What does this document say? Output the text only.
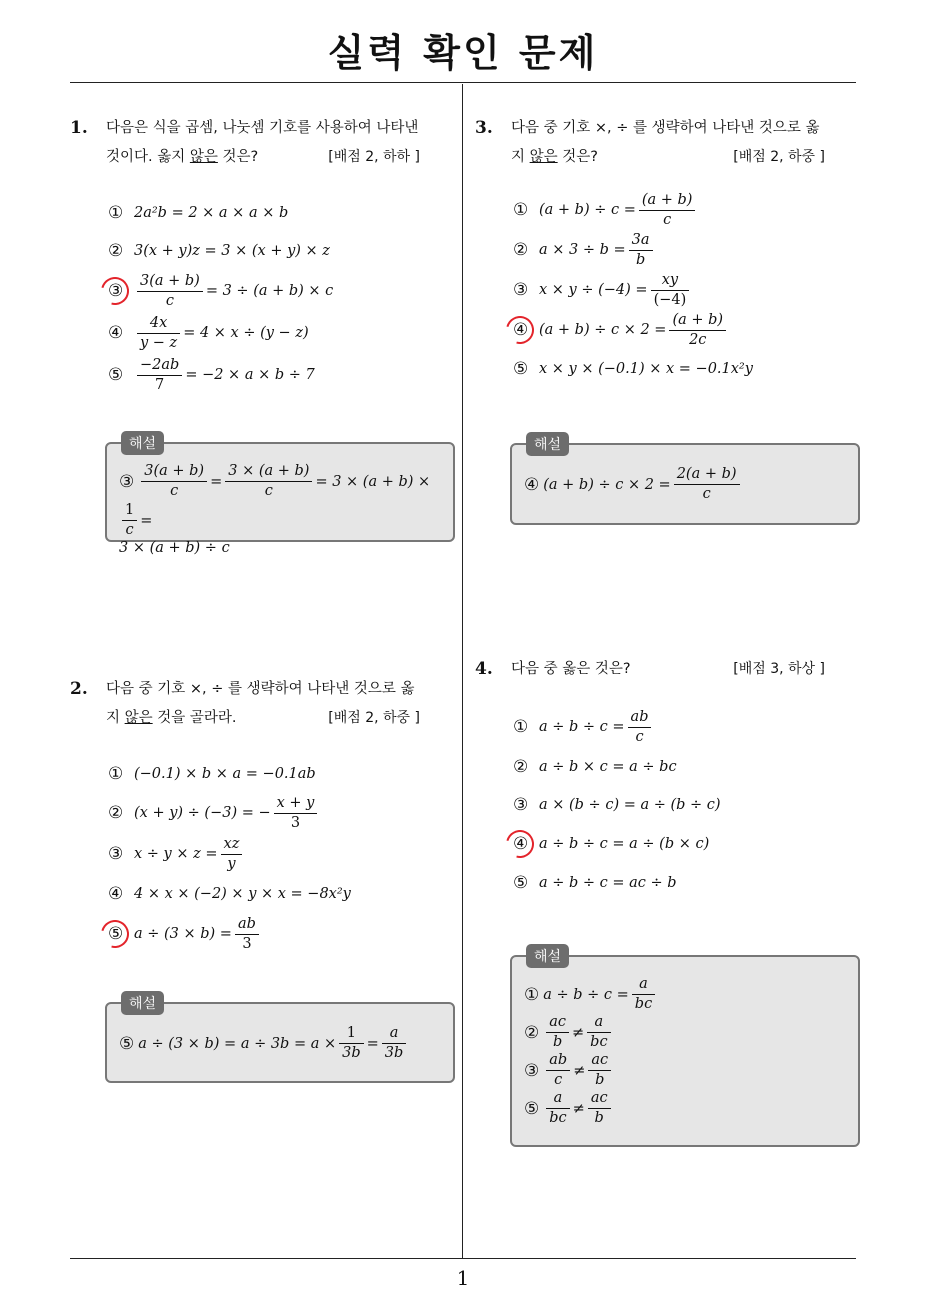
실력 확인 문제
1
1. 다음은 식을 곱셈, 나눗셈 기호를 사용하여 나타낸 것이다. 옳지 않은 것은?	[배점 2, 하하 ]
① 2a²b = 2 × a × a × b
② 3(x + y)z = 3 × (x + y) × z
③ $\frac{3(a + b)}{c} = 3 \div (a + b) \times c$
④ $\frac{4x}{y - z} = 4 \times x \div (y - z)$
⑤ $\frac{-2ab}{7} = -2 \times a \times b \div 7$
해설
③ $\frac{3(a + b)}{c} = \frac{3 \times (a + b)}{c} = 3 \times (a + b)$ ×
$\frac{1}{c}$ =
3 × (a + b) ÷ c
2. 다음 중 기호 ×, ÷ 를 생략하여 나타낸 것으로 옳지 않은 것을 골라라.	[배점 2, 하중 ]
① (−0.1) × b × a = −0.1ab
② (x + y) ÷ (−3) = − $\frac{x + y}{3}$
③ $x \div y \times z = \frac{xz}{y}$
④ 4 × x × (−2) × y × x = −8x²y
⑤ $a \div (3 \times b) = \frac{ab}{3}$
해설
⑤ $a \div (3 \times b) = a \div 3b = a \times \frac{1}{3b} = \frac{a}{3b}$
3. 다음 중 기호 ×, ÷ 를 생략하여 나타낸 것으로 옳지 않은 것은?	[배점 2, 하중 ]
① $(a + b) \div c = \frac{(a + b)}{c}$
② $a \times 3 \div b = \frac{3a}{b}$
③ $x \times y \div (-4) = \frac{xy}{(-4)}$
④ $(a + b) \div c \times 2 = \frac{(a + b)}{2c}$
⑤ x × y × (−0.1) × x = −0.1x²y
해설
④ $(a + b) \div c \times 2 = \frac{2(a + b)}{c}$
4. 다음 중 옳은 것은?	[배점 3, 하상 ]
① $a \div b \div c = \frac{ab}{c}$
② a ÷ b × c = a ÷ bc
③ a × (b ÷ c) = a ÷ (b ÷ c)
④ a ÷ b ÷ c = a ÷ (b × c)
⑤ a ÷ b ÷ c = ac ÷ b
해설
① $a \div b \div c = \frac{a}{bc}$
② $\frac{ac}{b} \ne \frac{a}{bc}$
③ $\frac{ab}{c} \ne \frac{ac}{b}$
⑤ $\frac{a}{bc} \ne \frac{ac}{b}$
